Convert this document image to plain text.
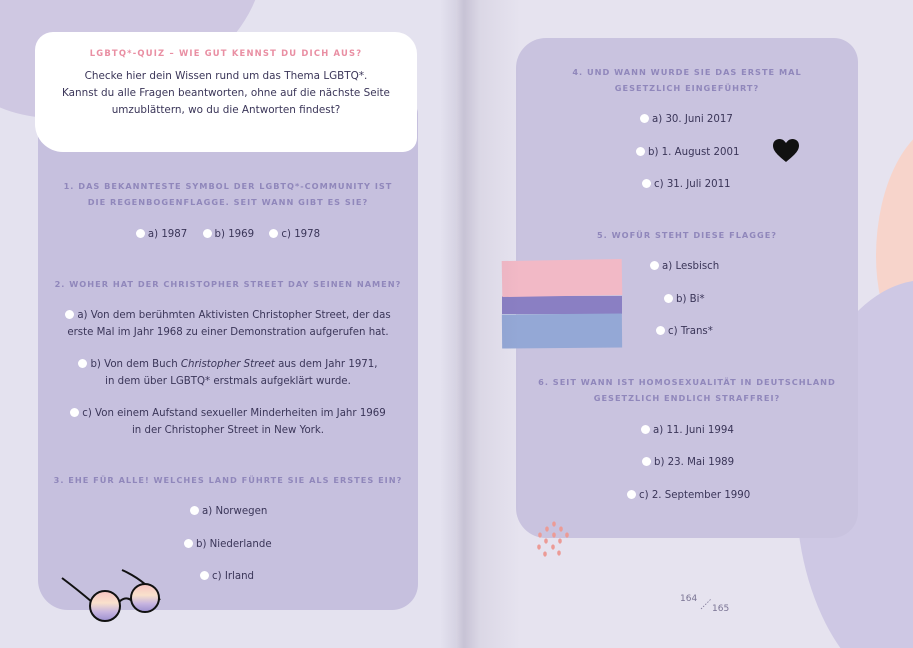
LGBTQ*-QUIZ – WIE GUT KENNST DU DICH AUS?
Checke hier dein Wissen rund um das Thema LGBTQ*.
Kannst du alle Fragen beantworten, ohne auf die nächste Seite
umzublättern, wo du die Antworten findest?
1. DAS BEKANNTESTE SYMBOL DER LGBTQ*-COMMUNITY IST
DIE REGENBOGENFLAGGE. SEIT WANN GIBT ES SIE?
a) 1987	b) 1969	c) 1978
2. WOHER HAT DER CHRISTOPHER STREET DAY SEINEN NAMEN?
a) Von dem berühmten Aktivisten Christopher Street, der das
erste Mal im Jahr 1968 zu einer Demonstration aufgerufen hat.
b) Von dem Buch Christopher Street aus dem Jahr 1971,
in dem über LGBTQ* erstmals aufgeklärt wurde.
c) Von einem Aufstand sexueller Minderheiten im Jahr 1969
in der Christopher Street in New York.
3. EHE FÜR ALLE! WELCHES LAND FÜHRTE SIE ALS ERSTES EIN?
a) Norwegen
b) Niederlande
c) Irland
4. UND WANN WURDE SIE DAS ERSTE MAL
GESETZLICH EINGEFÜHRT?
a) 30. Juni 2017
b) 1. August 2001
c) 31. Juli 2011
5. WOFÜR STEHT DIESE FLAGGE?
a) Lesbisch
b) Bi*
c) Trans*
6. SEIT WANN IST HOMOSEXUALITÄT IN DEUTSCHLAND
GESETZLICH ENDLICH STRAFFREI?
a) 11. Juni 1994
b) 23. Mai 1989
c) 2. September 1990
164
165
